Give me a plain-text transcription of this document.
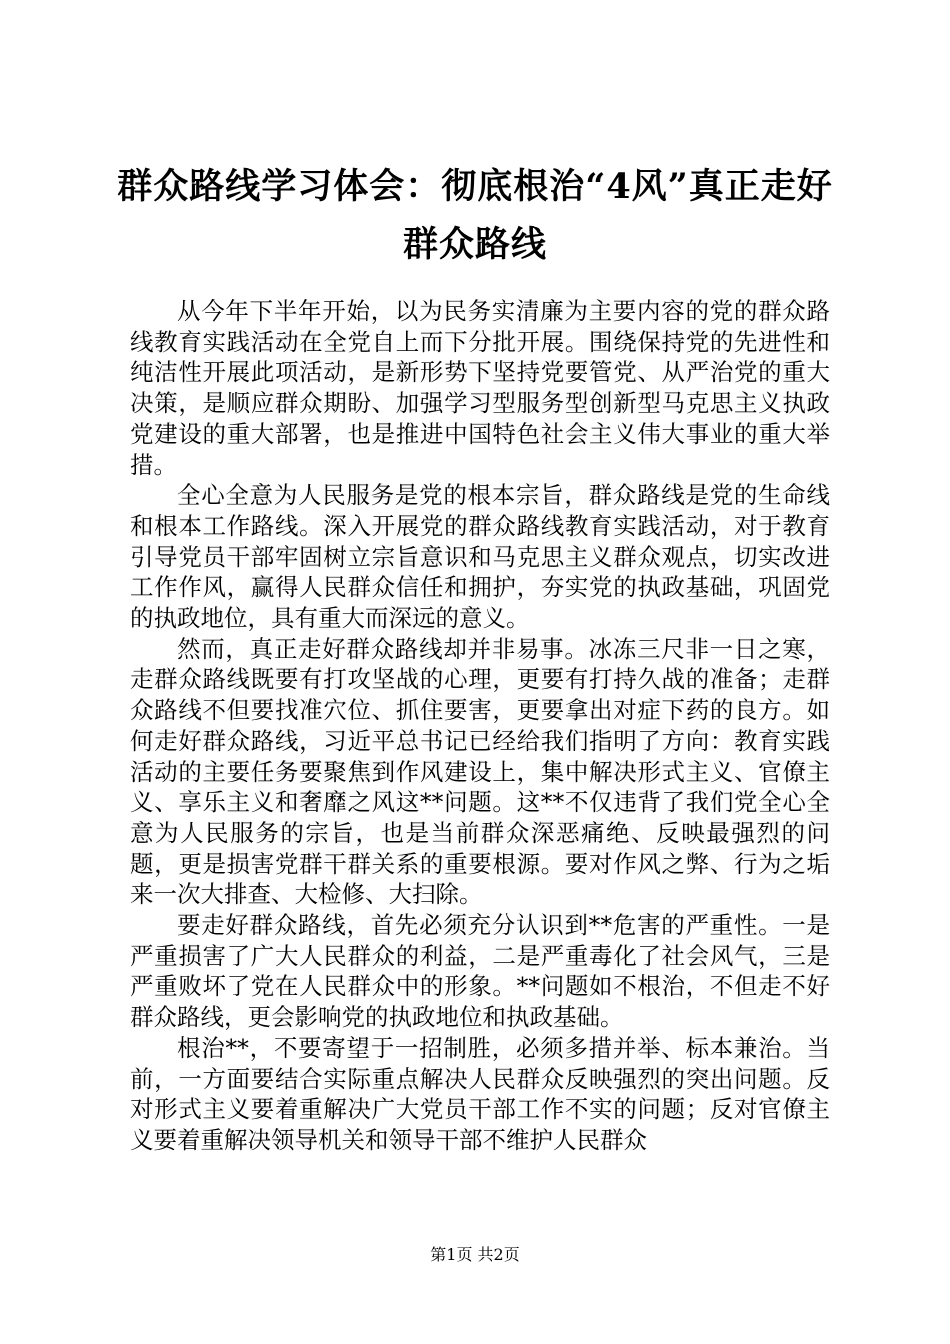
群众路线学习体会：彻底根治“4风”真正走好群众路线

从今年下半年开始，以为民务实清廉为主要内容的党的群众路线教育实践活动在全党自上而下分批开展。围绕保持党的先进性和纯洁性开展此项活动，是新形势下坚持党要管党、从严治党的重大决策，是顺应群众期盼、加强学习型服务型创新型马克思主义执政党建设的重大部署，也是推进中国特色社会主义伟大事业的重大举措。

全心全意为人民服务是党的根本宗旨，群众路线是党的生命线和根本工作路线。深入开展党的群众路线教育实践活动，对于教育引导党员干部牢固树立宗旨意识和马克思主义群众观点，切实改进工作作风，赢得人民群众信任和拥护，夯实党的执政基础，巩固党的执政地位，具有重大而深远的意义。

然而，真正走好群众路线却并非易事。冰冻三尺非一日之寒，走群众路线既要有打攻坚战的心理，更要有打持久战的准备；走群众路线不但要找准穴位、抓住要害，更要拿出对症下药的良方。如何走好群众路线，习近平总书记已经给我们指明了方向：教育实践活动的主要任务要聚焦到作风建设上，集中解决形式主义、官僚主义、享乐主义和奢靡之风这**问题。这**不仅违背了我们党全心全意为人民服务的宗旨，也是当前群众深恶痛绝、反映最强烈的问题，更是损害党群干群关系的重要根源。要对作风之弊、行为之垢来一次大排查、大检修、大扫除。

要走好群众路线，首先必须充分认识到**危害的严重性。一是严重损害了广大人民群众的利益，二是严重毒化了社会风气，三是严重败坏了党在人民群众中的形象。**问题如不根治，不但走不好群众路线，更会影响党的执政地位和执政基础。

根治**，不要寄望于一招制胜，必须多措并举、标本兼治。当前，一方面要结合实际重点解决人民群众反映强烈的突出问题。反对形式主义要着重解决广大党员干部工作不实的问题；反对官僚主义要着重解决领导机关和领导干部不维护人民群众

第1页 共2页
